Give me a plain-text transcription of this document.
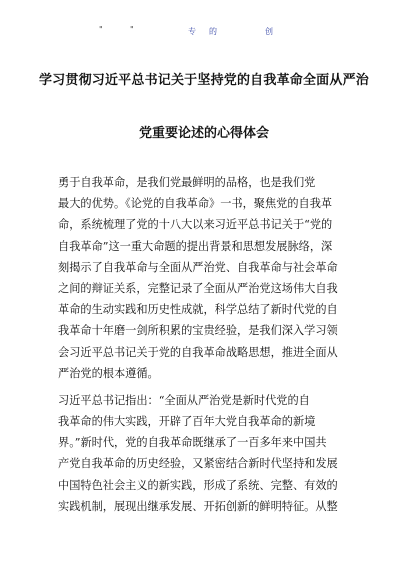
"	"	专 的	创
学习贯彻习近平总书记关于坚持党的自我革命全面从严治
党重要论述的心得体会
勇于自我革命，是我们党最鲜明的品格，也是我们党
最大的优势。《论党的自我革命》一书，聚焦党的自我革
命，系统梳理了党的十八大以来习近平总书记关于“党的
自我革命”这一重大命题的提出背景和思想发展脉络，深
刻揭示了自我革命与全面从严治党、自我革命与社会革命
之间的辩证关系，完整记录了全面从严治党这场伟大自我
革命的生动实践和历史性成就，科学总结了新时代党的自
我革命十年磨一剑所积累的宝贵经验，是我们深入学习领
会习近平总书记关于党的自我革命战略思想，推进全面从
严治党的根本遵循。
习近平总书记指出：“全面从严治党是新时代党的自
我革命的伟大实践，开辟了百年大党自我革命的新境
界。”新时代，党的自我革命既继承了一百多年来中国共
产党自我革命的历史经验，又紧密结合新时代坚持和发展
中国特色社会主义的新实践，形成了系统、完整、有效的
实践机制，展现出继承发展、开拓创新的鲜明特征。从整
